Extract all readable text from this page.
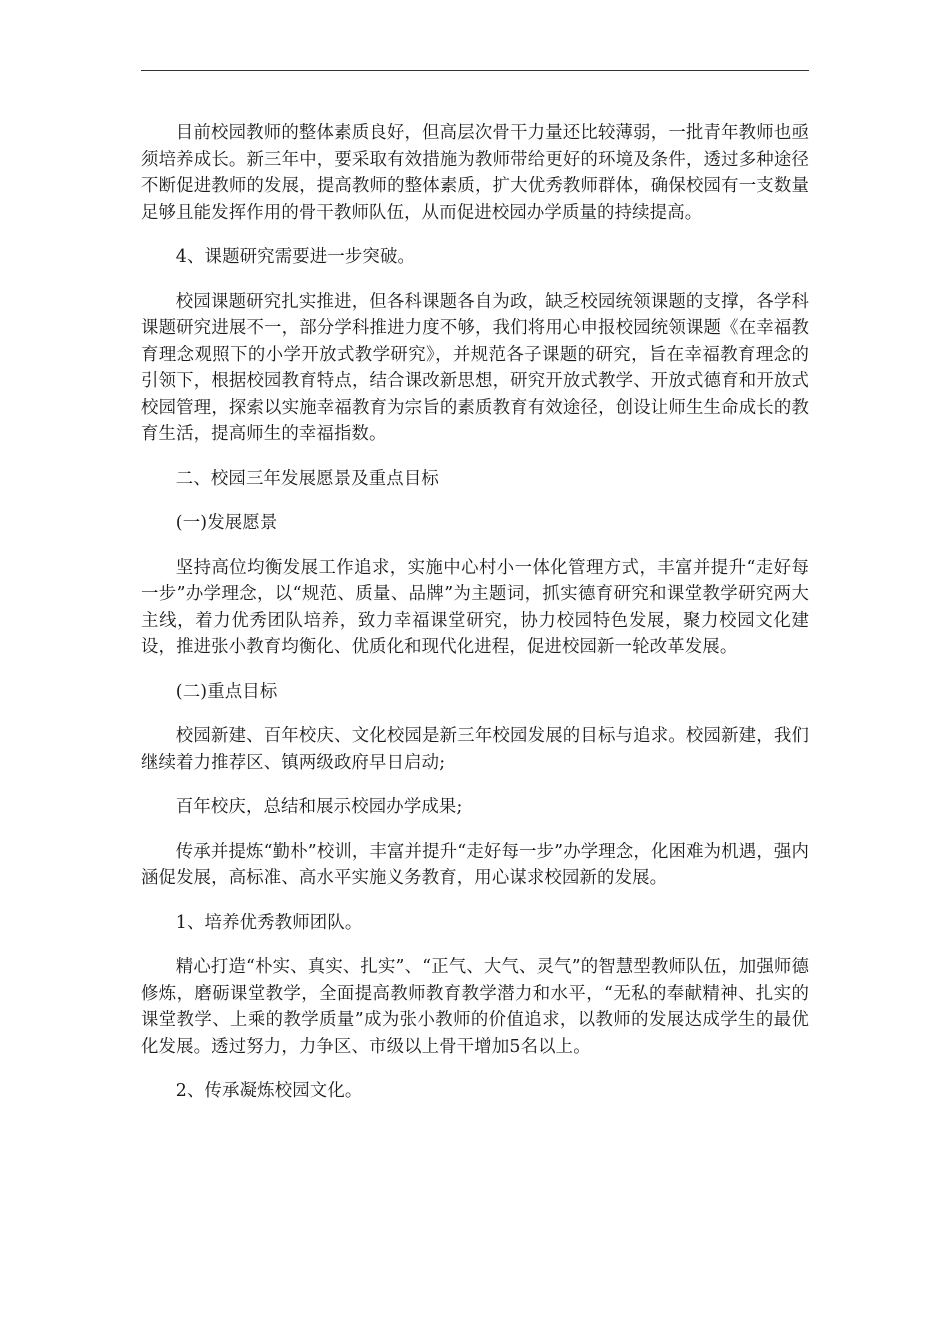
目前校园教师的整体素质良好，但高层次骨干力量还比较薄弱，一批青年教师也亟须培养成长。新三年中，要采取有效措施为教师带给更好的环境及条件，透过多种途径不断促进教师的发展，提高教师的整体素质，扩大优秀教师群体，确保校园有一支数量足够且能发挥作用的骨干教师队伍，从而促进校园办学质量的持续提高。

4、课题研究需要进一步突破。

校园课题研究扎实推进，但各科课题各自为政，缺乏校园统领课题的支撑，各学科课题研究进展不一，部分学科推进力度不够，我们将用心申报校园统领课题《在幸福教育理念观照下的小学开放式教学研究》，并规范各子课题的研究，旨在幸福教育理念的引领下，根据校园教育特点，结合课改新思想，研究开放式教学、开放式德育和开放式校园管理，探索以实施幸福教育为宗旨的素质教育有效途径，创设让师生生命成长的教育生活，提高师生的幸福指数。

二、校园三年发展愿景及重点目标

(一)发展愿景

坚持高位均衡发展工作追求，实施中心村小一体化管理方式，丰富并提升“走好每一步”办学理念，以“规范、质量、品牌”为主题词，抓实德育研究和课堂教学研究两大主线，着力优秀团队培养，致力幸福课堂研究，协力校园特色发展，聚力校园文化建设，推进张小教育均衡化、优质化和现代化进程，促进校园新一轮改革发展。

(二)重点目标

校园新建、百年校庆、文化校园是新三年校园发展的目标与追求。校园新建，我们继续着力推荐区、镇两级政府早日启动;

百年校庆，总结和展示校园办学成果;

传承并提炼“勤朴”校训，丰富并提升“走好每一步”办学理念，化困难为机遇，强内涵促发展，高标准、高水平实施义务教育，用心谋求校园新的发展。

1、培养优秀教师团队。

精心打造“朴实、真实、扎实”、“正气、大气、灵气”的智慧型教师队伍，加强师德修炼，磨砺课堂教学，全面提高教师教育教学潜力和水平，“无私的奉献精神、扎实的课堂教学、上乘的教学质量”成为张小教师的价值追求，以教师的发展达成学生的最优化发展。透过努力，力争区、市级以上骨干增加5名以上。

2、传承凝炼校园文化。
